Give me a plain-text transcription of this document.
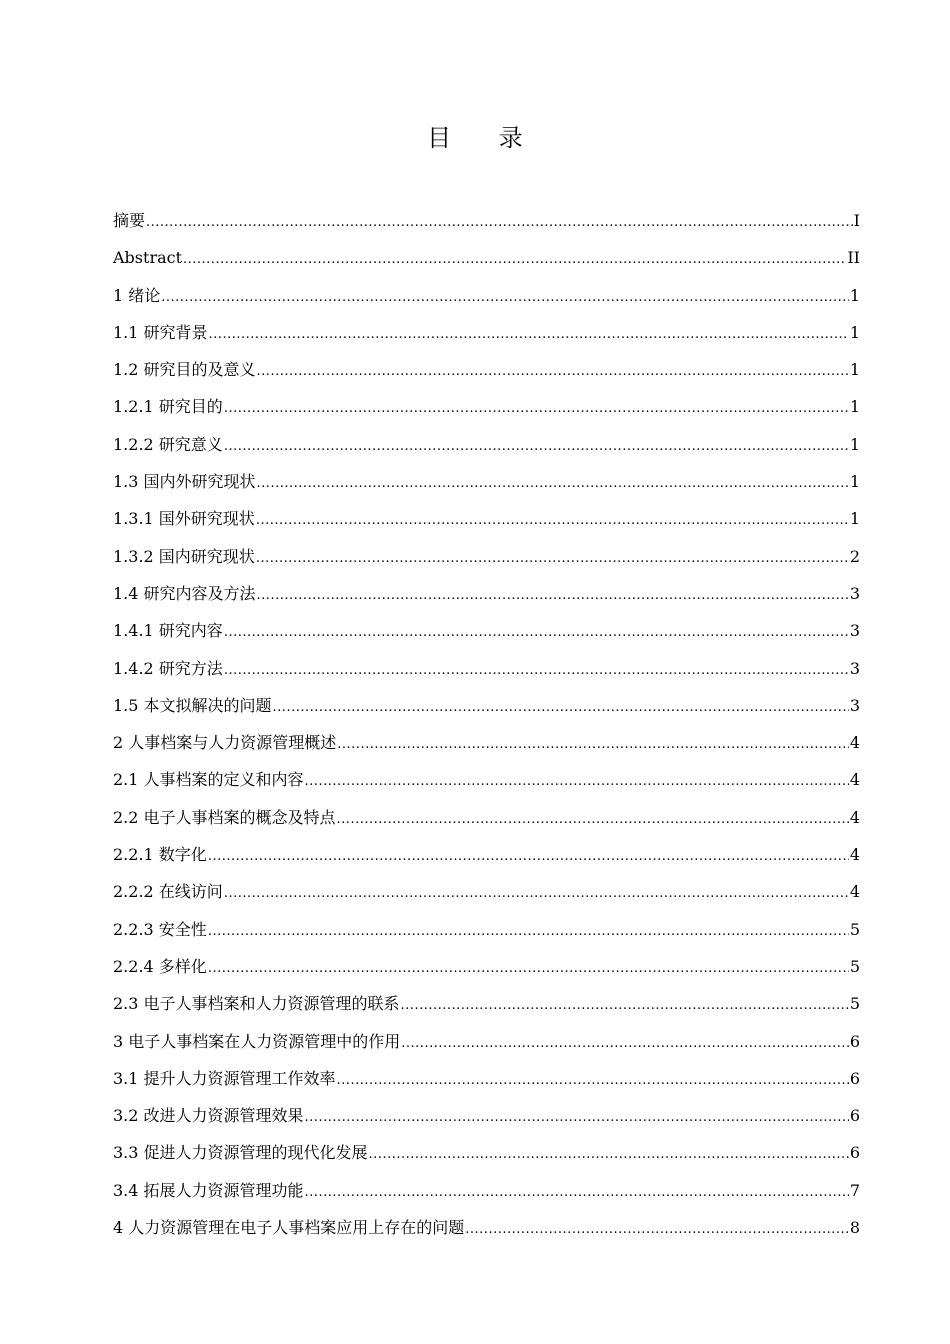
目 录
摘要 .....	I
Abstract .....	II
1 绪论 .....	1
1.1 研究背景 .....	1
1.2 研究目的及意义 .....	1
1.2.1 研究目的 .....	1
1.2.2 研究意义 .....	1
1.3 国内外研究现状 .....	1
1.3.1 国外研究现状 .....	1
1.3.2 国内研究现状 .....	2
1.4 研究内容及方法 .....	3
1.4.1 研究内容 .....	3
1.4.2 研究方法 .....	3
1.5 本文拟解决的问题 .....	3
2 人事档案与人力资源管理概述 .....	4
2.1 人事档案的定义和内容 .....	4
2.2 电子人事档案的概念及特点 .....	4
2.2.1 数字化 .....	4
2.2.2 在线访问 .....	4
2.2.3 安全性 .....	5
2.2.4 多样化 .....	5
2.3 电子人事档案和人力资源管理的联系 .....	5
3 电子人事档案在人力资源管理中的作用 .....	6
3.1 提升人力资源管理工作效率 .....	6
3.2 改进人力资源管理效果 .....	6
3.3 促进人力资源管理的现代化发展 .....	6
3.4 拓展人力资源管理功能 .....	7
4 人力资源管理在电子人事档案应用上存在的问题 .....	8
